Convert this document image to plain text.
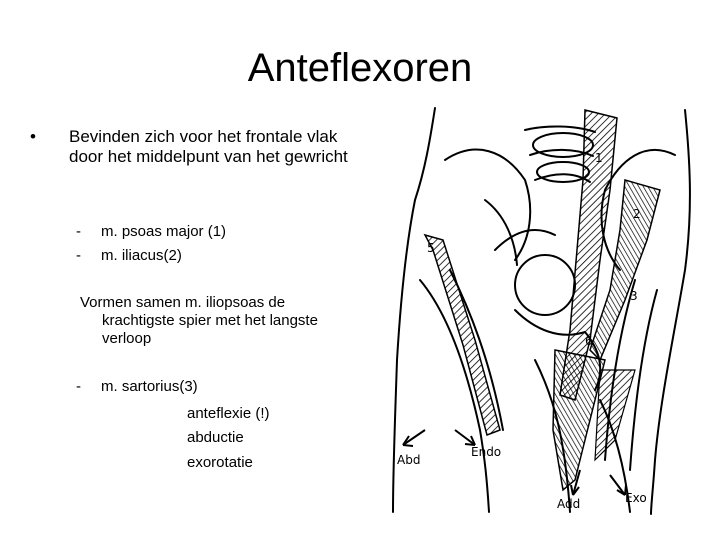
Anteflexoren
• Bevinden zich voor het frontale vlak door het middelpunt van het gewricht
- m. psoas major (1)
- m. iliacus(2)
Vormen samen m. iliopsoas de
krachtigste spier met het langste verloop
- m. sartorius(3)
anteflexie (!)
abductie
exorotatie
1
2
3
5
6
Abd
Endo
Add	Exo
